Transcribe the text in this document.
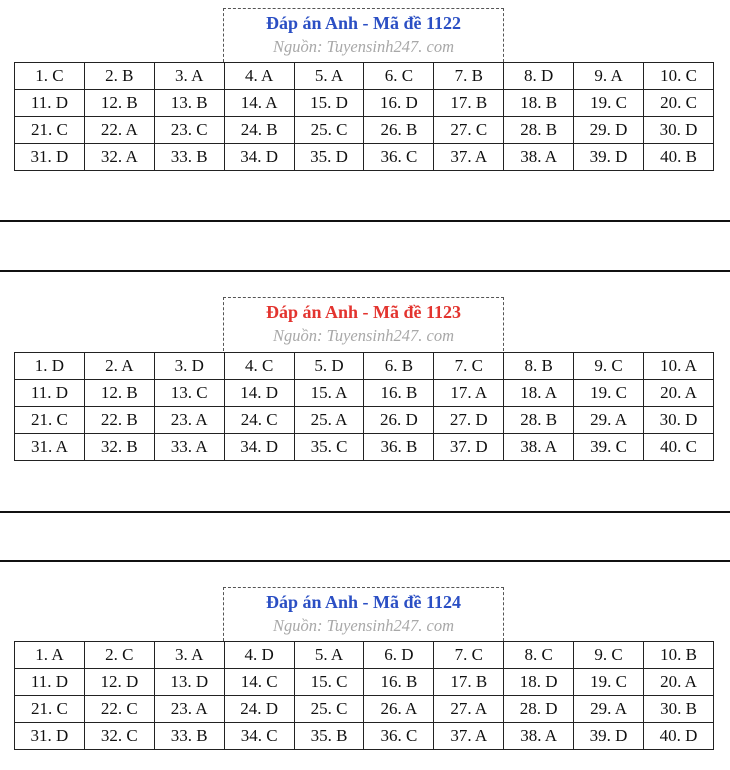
Đáp án Anh - Mã đề 1122
Nguồn: Tuyensinh247. com
1. C	2. B	3. A	4. A	5. A	6. C	7. B	8. D	9. A	10. C
11. D	12. B	13. B	14. A	15. D	16. D	17. B	18. B	19. C	20. C
21. C	22. A	23. C	24. B	25. C	26. B	27. C	28. B	29. D	30. D
31. D	32. A	33. B	34. D	35. D	36. C	37. A	38. A	39. D	40. B
Đáp án Anh - Mã đề 1123
Nguồn: Tuyensinh247. com
1. D	2. A	3. D	4. C	5. D	6. B	7. C	8. B	9. C	10. A
11. D	12. B	13. C	14. D	15. A	16. B	17. A	18. A	19. C	20. A
21. C	22. B	23. A	24. C	25. A	26. D	27. D	28. B	29. A	30. D
31. A	32. B	33. A	34. D	35. C	36. B	37. D	38. A	39. C	40. C
Đáp án Anh - Mã đề 1124
Nguồn: Tuyensinh247. com
1. A	2. C	3. A	4. D	5. A	6. D	7. C	8. C	9. C	10. B
11. D	12. D	13. D	14. C	15. C	16. B	17. B	18. D	19. C	20. A
21. C	22. C	23. A	24. D	25. C	26. A	27. A	28. D	29. A	30. B
31. D	32. C	33. B	34. C	35. B	36. C	37. A	38. A	39. D	40. D
